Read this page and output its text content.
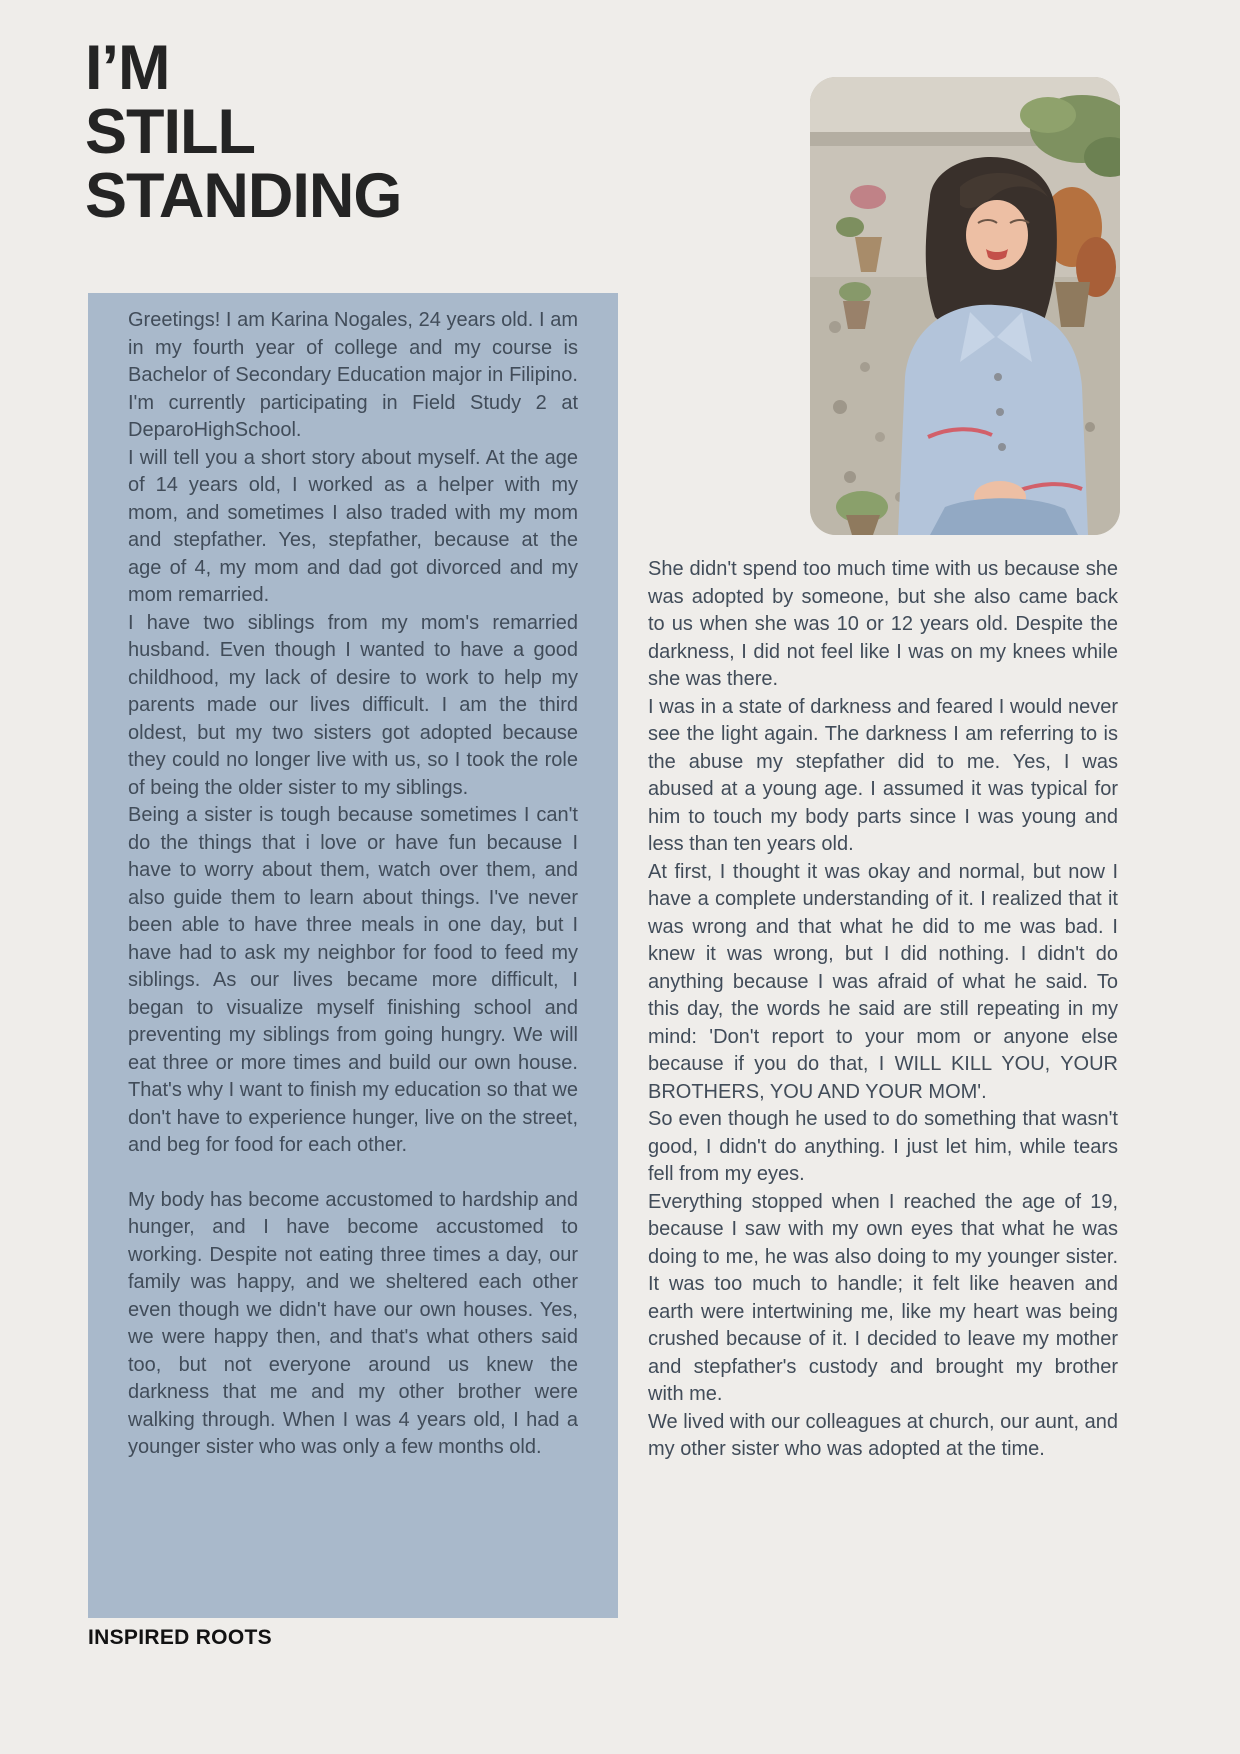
I’M
STILL
STANDING

Greetings! I am Karina Nogales, 24 years old. I am in my fourth year of college and my course is Bachelor of Secondary Education major in Filipino. I'm currently participating in Field Study 2 at DeparoHighSchool.

I will tell you a short story about myself. At the age of 14 years old, I worked as a helper with my mom, and sometimes I also traded with my mom and stepfather. Yes, stepfather, because at the age of 4, my mom and dad got divorced and my mom remarried.

I have two siblings from my mom's remarried husband. Even though I wanted to have a good childhood, my lack of desire to work to help my parents made our lives difficult. I am the third oldest, but my two sisters got adopted because they could no longer live with us, so I took the role of being the older sister to my siblings.

Being a sister is tough because sometimes I can't do the things that i love or have fun because I have to worry about them, watch over them, and also guide them to learn about things. I've never been able to have three meals in one day, but I have had to ask my neighbor for food to feed my siblings. As our lives became more difficult, I began to visualize myself finishing school and preventing my siblings from going hungry. We will eat three or more times and build our own house. That's why I want to finish my education so that we don't have to experience hunger, live on the street, and beg for food for each other.

My body has become accustomed to hardship and hunger, and I have become accustomed to working. Despite not eating three times a day, our family was happy, and we sheltered each other even though we didn't have our own houses. Yes, we were happy then, and that's what others said too, but not everyone around us knew the darkness that me and my other brother were walking through. When I was 4 years old, I had a younger sister who was only a few months old.

She didn't spend too much time with us because she was adopted by someone, but she also came back to us when she was 10 or 12 years old. Despite the darkness, I did not feel like I was on my knees while she was there.

I was in a state of darkness and feared I would never see the light again. The darkness I am referring to is the abuse my stepfather did to me. Yes, I was abused at a young age. I assumed it was typical for him to touch my body parts since I was young and less than ten years old.

At first, I thought it was okay and normal, but now I have a complete understanding of it. I realized that it was wrong and that what he did to me was bad. I knew it was wrong, but I did nothing. I didn't do anything because I was afraid of what he said. To this day, the words he said are still repeating in my mind: 'Don't report to your mom or anyone else because if you do that, I WILL KILL YOU, YOUR BROTHERS, YOU AND YOUR MOM'.

So even though he used to do something that wasn't good, I didn't do anything. I just let him, while tears fell from my eyes.

Everything stopped when I reached the age of 19, because I saw with my own eyes that what he was doing to me, he was also doing to my younger sister. It was too much to handle; it felt like heaven and earth were intertwining me, like my heart was being crushed because of it. I decided to leave my mother and stepfather's custody and brought my brother with me.

We lived with our colleagues at church, our aunt, and my other sister who was adopted at the time.

INSPIRED ROOTS
